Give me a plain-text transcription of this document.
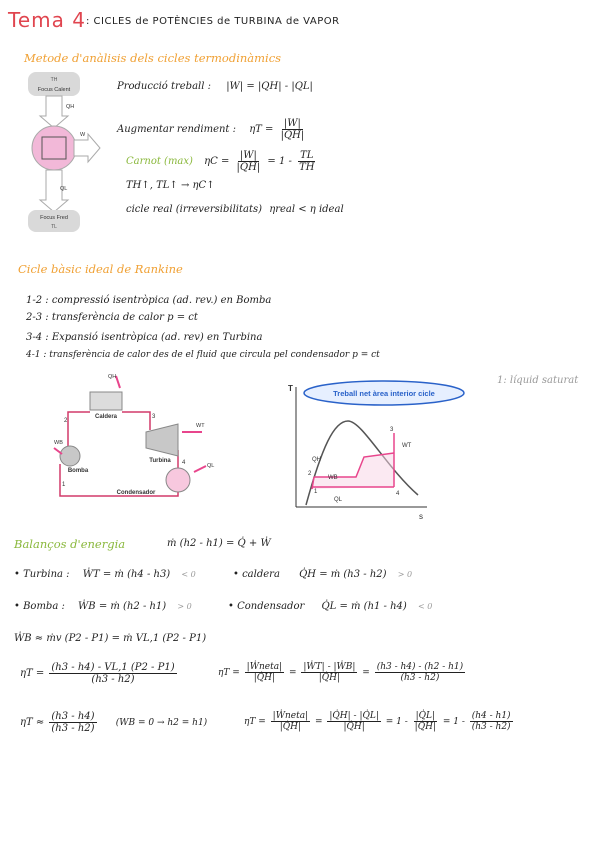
Tema 4 : CICLES de POTÈNCIES de TURBINA de VAPOR
Metode d'anàlisis dels cicles termodinàmics
TH
Focus Calent
QH
W
QL
Focus Fred
TL
Producció treball : |W| = |QH| - |QL|
Augmentar rendiment : $\eta T = \frac{|W|}{|QH|}$
Carnot (max) $\eta C = \frac{|W|}{|QH|} = 1 - \frac{TL}{TH}$
TH↑, TL↑ → ηC↑
cicle real (irreversibilitats) ηreal < η ideal
Cicle bàsic ideal de Rankine
1-2 : compressió isentròpica (ad. rev.) en Bomba
2-3 : transferència de calor p = ct
3-4 : Expansió isentròpica (ad. rev) en Turbina
4-1 : transferència de calor des de el fluid que circula pel condensador p = ct
Caldera
QH
Turbina
WT
Bomba
WB
QL
Condensador
2
3
4
1
T
s
Treball net àrea interior cicle
QH
WT
WB
QL
1
2
3
4
1: líquid saturat
Balanços d'energia	ṁ (h2 - h1) = Q̇ + Ẇ
• Turbina : ẆT = ṁ (h4 - h3) < 0	• caldera Q̇H = ṁ (h3 - h2) > 0
• Bomba : ẆB = ṁ (h2 - h1) > 0	• Condensador Q̇L = ṁ (h1 - h4) < 0
ẆB ≈ ṁv (P2 - P1) = ṁ VL,1 (P2 - P1)
$\eta T = \frac{(h3 - h4) - VL,1 (P2 - P1)}{(h3 - h2)}$	$\eta T = \frac{\text{|Ẇneta|}}{|Q̇H|} = \frac{\text{|ẆT| - |ẆB|}}{|Q̇H|} = \frac{(h3 - h4) - (h2 - h1)}{(h3 - h2)}$
$\eta T \approx \frac{(h3 - h4)}{(h3 - h2)} (WB = 0 \to h2 = h1)$	$\eta T = \frac{\text{|Ẇneta|}}{|Q̇H|} = \frac{|Q̇H| - |Q̇L|}{|Q̇H|} = 1 - \frac{|Q̇L|}{|Q̇H|} = 1 - \frac{(h4 - h1)}{(h3 - h2)}$
